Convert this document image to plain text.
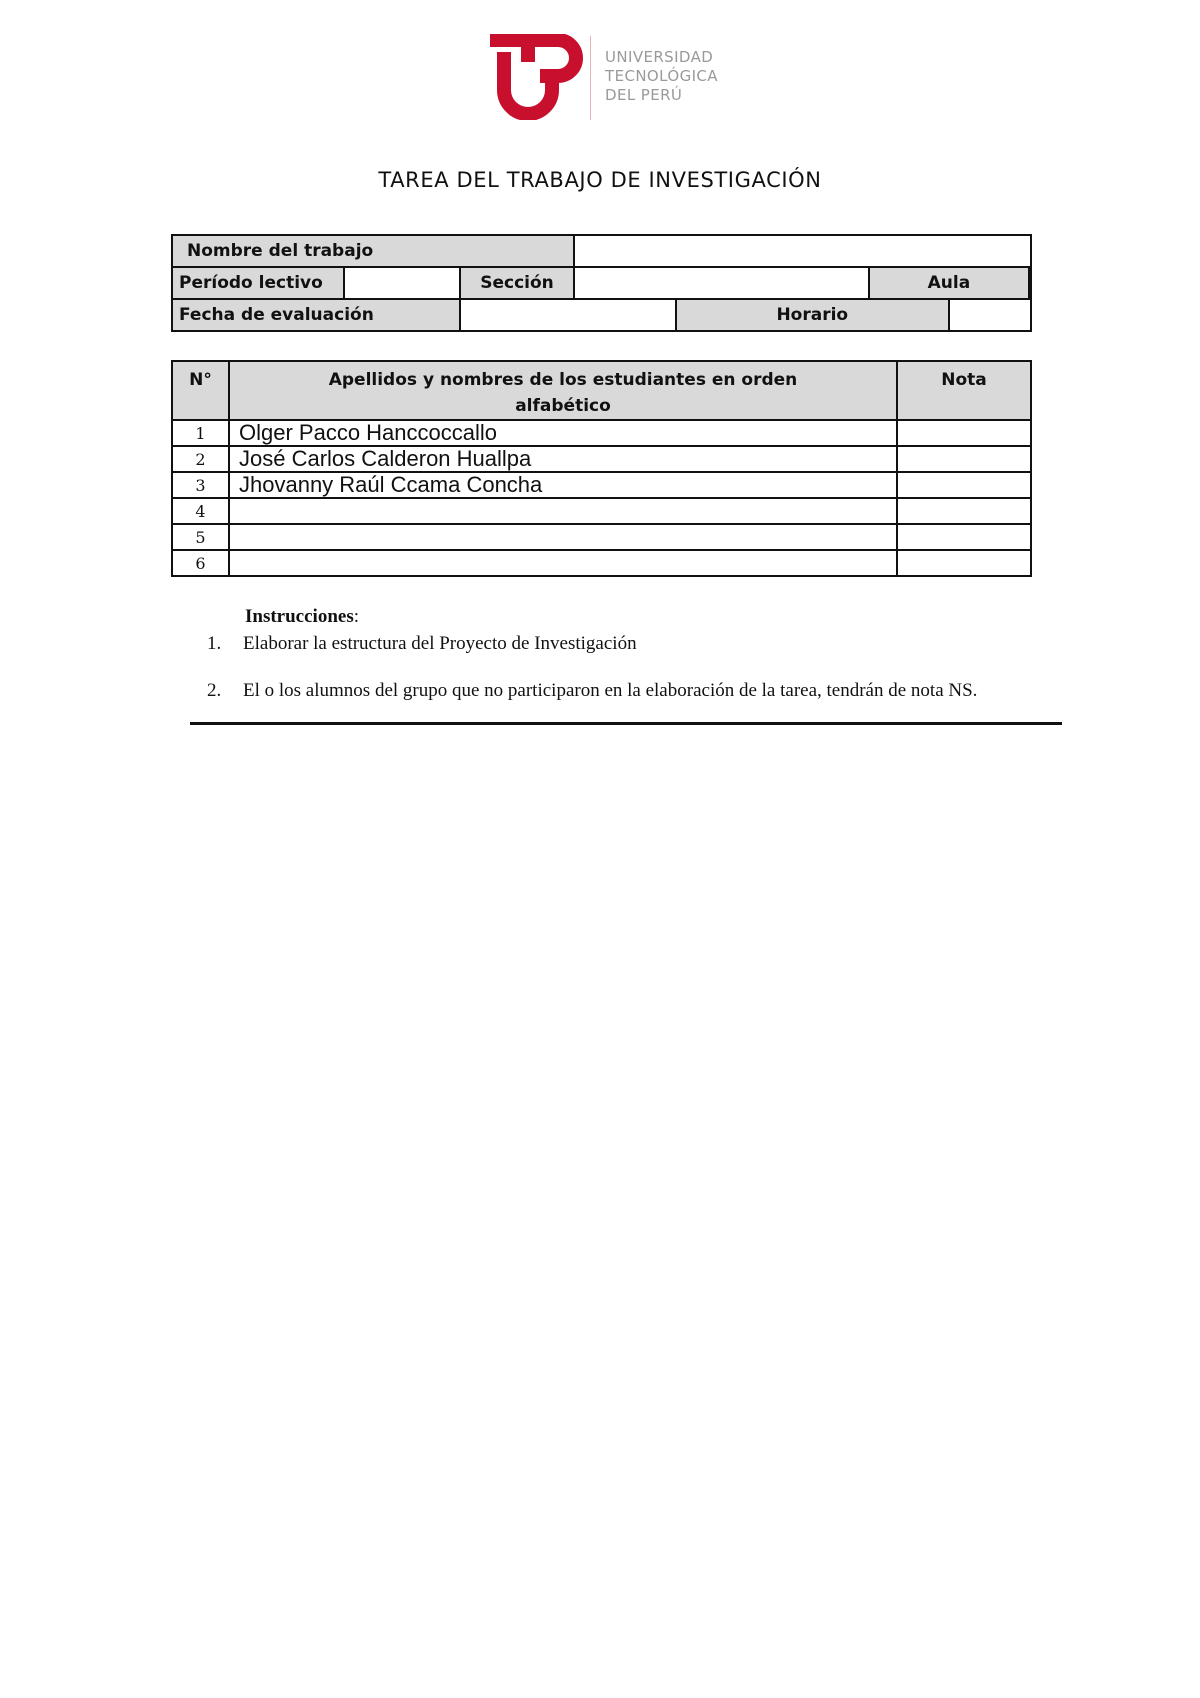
UNIVERSIDAD
TECNOLÓGICA
DEL PERÚ
TAREA DEL TRABAJO DE INVESTIGACIÓN
Nombre del trabajo							
Período lectivo		Sección			Aula		
Fecha de evaluación				Horario			
N°	Apellidos y nombres de los estudiantes en orden alfabético	Nota
1	Olger Pacco Hanccoccallo	
2	José Carlos Calderon Huallpa	
3	Jhovanny Raúl Ccama Concha	
4		
5		
6		
Instrucciones:
1. Elaborar la estructura del Proyecto de Investigación
2. El o los alumnos del grupo que no participaron en la elaboración de la tarea, tendrán de nota NS.
